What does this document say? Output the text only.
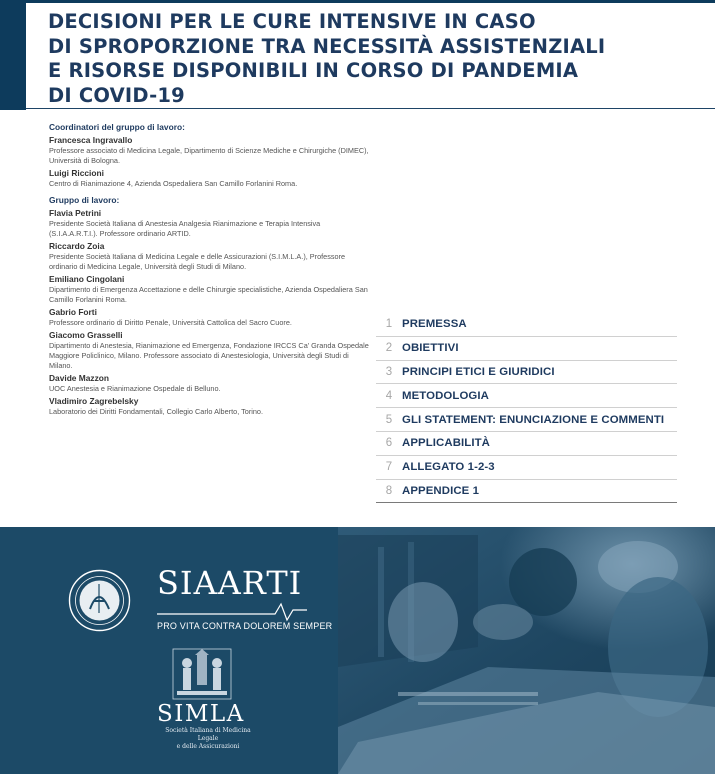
DECISIONI PER LE CURE INTENSIVE IN CASO
DI SPROPORZIONE TRA NECESSITÀ ASSISTENZIALI
E RISORSE DISPONIBILI IN CORSO DI PANDEMIA
DI COVID-19

Coordinatori del gruppo di lavoro:

Francesca Ingravallo
Professore associato di Medicina Legale, Dipartimento di Scienze Mediche e Chirurgiche (DIMEC), Università di Bologna.
Luigi Riccioni
Centro di Rianimazione 4, Azienda Ospedaliera San Camillo Forlanini Roma.

Gruppo di lavoro:

Flavia Petrini
Presidente Società Italiana di Anestesia Analgesia Rianimazione e Terapia Intensiva (S.I.A.A.R.T.I.). Professore ordinario ARTID.
Riccardo Zoia
Presidente Società Italiana di Medicina Legale e delle Assicurazioni (S.I.M.L.A.), Professore ordinario di Medicina Legale, Università degli Studi di Milano.
Emiliano Cingolani
Dipartimento di Emergenza Accettazione e delle Chirurgie specialistiche, Azienda Ospedaliera San Camillo Forlanini Roma.
Gabrio Forti
Professore ordinario di Diritto Penale, Università Cattolica del Sacro Cuore.
Giacomo Grasselli
Dipartimento di Anestesia, Rianimazione ed Emergenza, Fondazione IRCCS Ca' Granda Ospedale Maggiore Policlinico, Milano. Professore associato di Anestesiologia, Università degli Studi di Milano.
Davide Mazzon
UOC Anestesia e Rianimazione Ospedale di Belluno.
Vladimiro Zagrebelsky
Laboratorio dei Diritti Fondamentali, Collegio Carlo Alberto, Torino.
1 PREMESSA
2 OBIETTIVI
3 PRINCIPI ETICI E GIURIDICI
4 METODOLOGIA
5 GLI STATEMENT: ENUNCIAZIONE E COMMENTI
6 APPLICABILITÀ
7 ALLEGATO 1-2-3
8 APPENDICE 1
SIAARTI
PRO VITA CONTRA DOLOREM SEMPER
SIMLA
Società Italiana di Medicina Legale
e delle Assicurazioni
